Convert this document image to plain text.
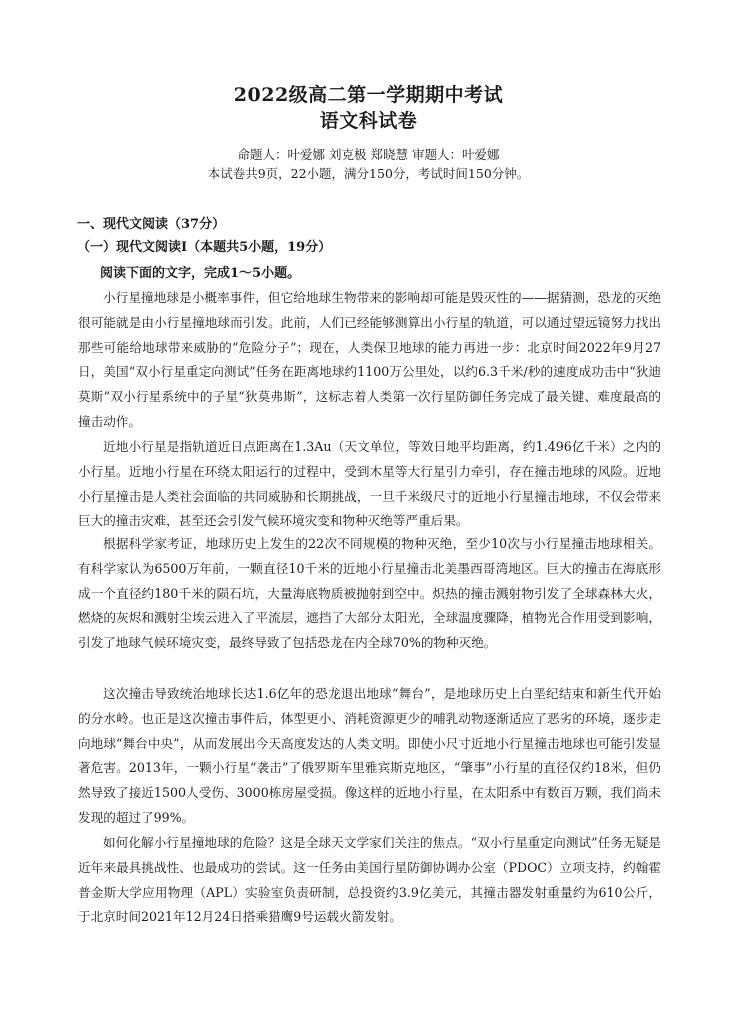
2022级高二第一学期期中考试
语文科试卷
命题人：叶爱娜 刘克极 郑晓慧 审题人：叶爱娜
本试卷共9页，22小题，满分150分，考试时间150分钟。
一、现代文阅读（37分）
（一）现代文阅读Ⅰ（本题共5小题，19分）
阅读下面的文字，完成1～5小题。

小行星撞地球是小概率事件，但它给地球生物带来的影响却可能是毁灭性的——据猜测，恐龙的灭绝很可能就是由小行星撞地球而引发。此前，人们已经能够测算出小行星的轨道，可以通过望远镜努力找出那些可能给地球带来威胁的“危险分子”；现在，人类保卫地球的能力再进一步：北京时间2022年9月27日，美国“双小行星重定向测试”任务在距离地球约1100万公里处，以约6.3千米/秒的速度成功击中“狄迪莫斯”双小行星系统中的子星“狄莫弗斯”，这标志着人类第一次行星防御任务完成了最关键、难度最高的撞击动作。

近地小行星是指轨道近日点距离在1.3Au（天文单位，等效日地平均距离，约1.496亿千米）之内的小行星。近地小行星在环绕太阳运行的过程中，受到木星等大行星引力牵引，存在撞击地球的风险。近地小行星撞击是人类社会面临的共同威胁和长期挑战，一旦千米级尺寸的近地小行星撞击地球，不仅会带来巨大的撞击灾难，甚至还会引发气候环境灾变和物种灭绝等严重后果。

根据科学家考证，地球历史上发生的22次不同规模的物种灭绝，至少10次与小行星撞击地球相关。有科学家认为6500万年前，一颗直径10千米的近地小行星撞击北美墨西哥湾地区。巨大的撞击在海底形成一个直径约180千米的陨石坑，大量海底物质被抛射到空中。炽热的撞击溅射物引发了全球森林大火，燃烧的灰烬和溅射尘埃云进入了平流层，遮挡了大部分太阳光，全球温度骤降，植物光合作用受到影响，引发了地球气候环境灾变，最终导致了包括恐龙在内全球70%的物种灭绝。

这次撞击导致统治地球长达1.6亿年的恐龙退出地球“舞台”，是地球历史上白垩纪结束和新生代开始的分水岭。也正是这次撞击事件后，体型更小、消耗资源更少的哺乳动物逐渐适应了恶劣的环境，逐步走向地球“舞台中央”，从而发展出今天高度发达的人类文明。即使小尺寸近地小行星撞击地球也可能引发显著危害。2013年，一颗小行星“袭击”了俄罗斯车里雅宾斯克地区，“肇事”小行星的直径仅约18米，但仍然导致了接近1500人受伤、3000栋房屋受损。像这样的近地小行星，在太阳系中有数百万颗，我们尚未发现的超过了99%。

如何化解小行星撞地球的危险？这是全球天文学家们关注的焦点。“双小行星重定向测试”任务无疑是近年来最具挑战性、也最成功的尝试。这一任务由美国行星防御协调办公室（PDOC）立项支持，约翰霍普金斯大学应用物理（APL）实验室负责研制，总投资约3.9亿美元，其撞击器发射重量约为610公斤，于北京时间2021年12月24日搭乘猎鹰9号运载火箭发射。
